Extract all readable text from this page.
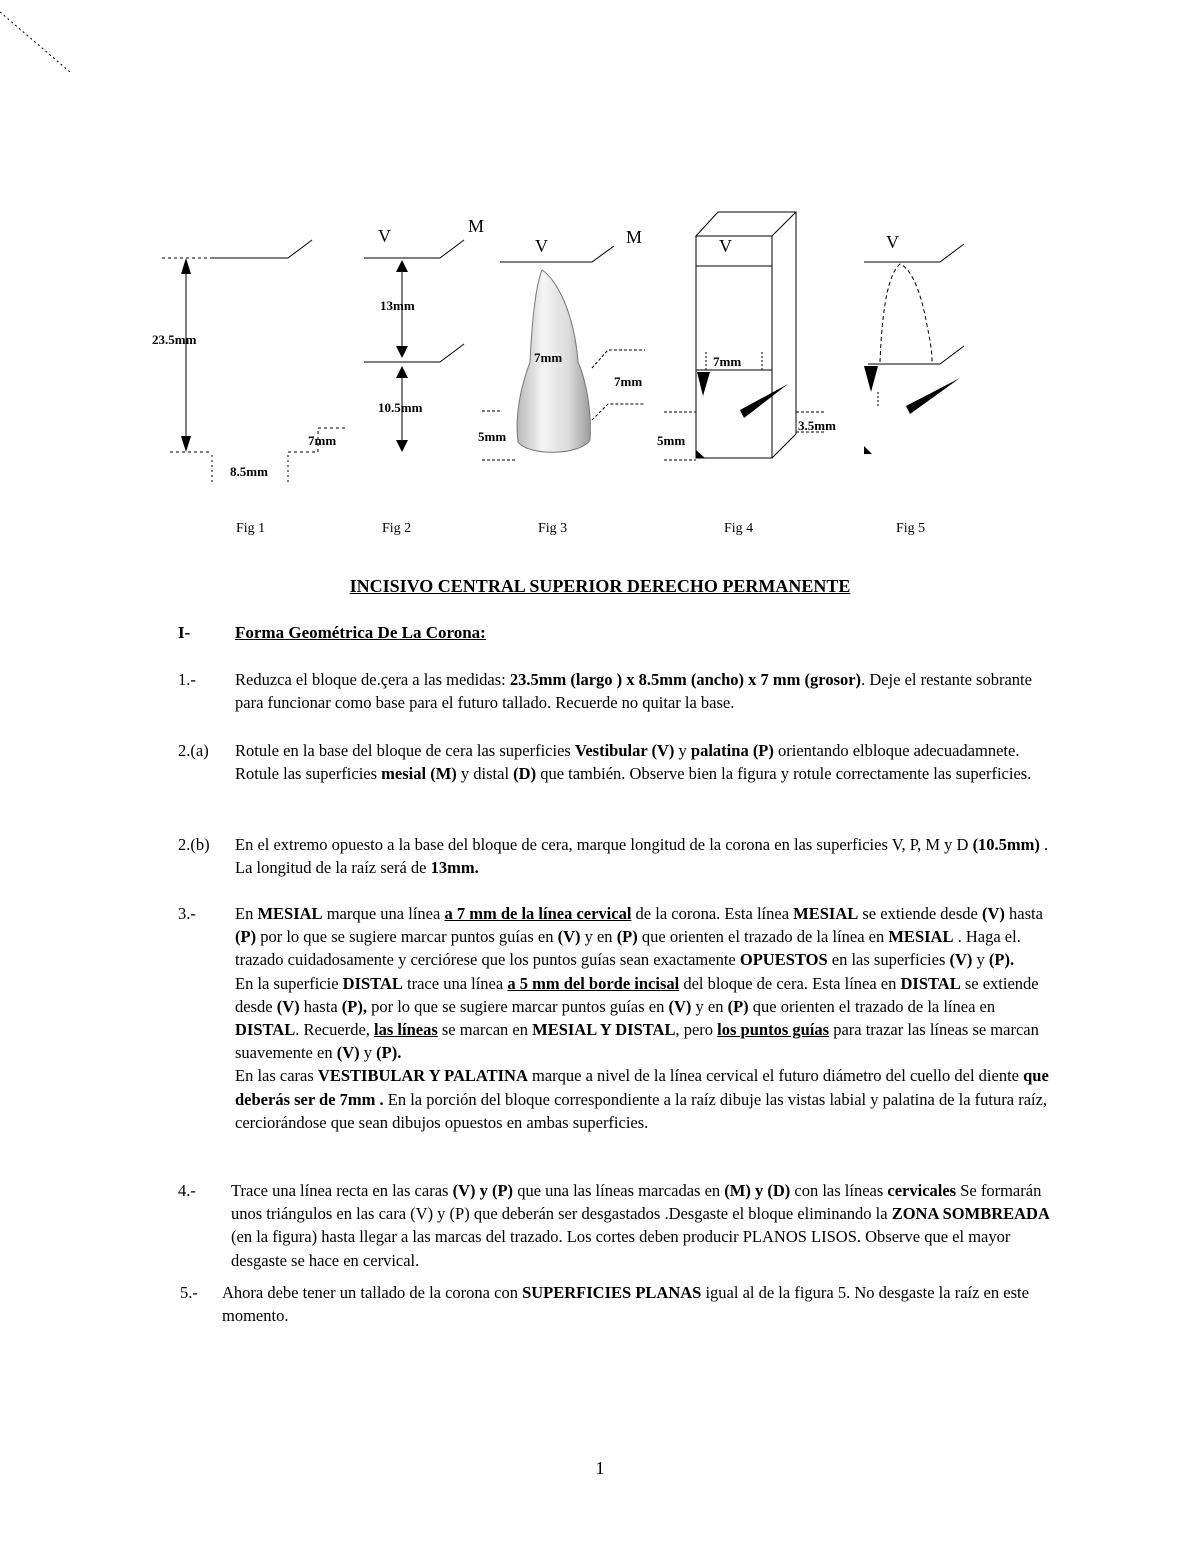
23.5mm
7mm
8.5mm
Fig 1
V	M
13mm
10.5mm
Fig 2
V	M
7mm
7mm
5mm
Fig 3
V
7mm
5mm
3.5mm
Fig 4
V
Fig 5
INCISIVO CENTRAL SUPERIOR DERECHO PERMANENTE
I-	Forma Geométrica De La Corona:
1.- Reduzca el bloque de.çera a las medidas: 23.5mm (largo ) x 8.5mm (ancho) x 7 mm (grosor). Deje el restante sobrante para funcionar como base para el futuro tallado. Recuerde no quitar la base.
2.(a) Rotule en la base del bloque de cera las superficies Vestibular (V) y palatina (P) orientando elbloque adecuadamnete. Rotule las superficies mesial (M) y distal (D) que también. Observe bien la figura y rotule correctamente las superficies.
2.(b) En el extremo opuesto a la base del bloque de cera, marque longitud de la corona en las superficies V, P, M y D (10.5mm) . La longitud de la raíz será de 13mm.
3.- En MESIAL marque una línea a 7 mm de la línea cervical de la corona. Esta línea MESIAL se extiende desde (V) hasta (P) por lo que se sugiere marcar puntos guías en (V) y en (P) que orienten el trazado de la línea en MESIAL . Haga el. trazado cuidadosamente y cerciórese que los puntos guías sean exactamente OPUESTOS en las superficies (V) y (P).
En la superficie DISTAL trace una línea a 5 mm del borde incisal del bloque de cera. Esta línea en DISTAL se extiende desde (V) hasta (P), por lo que se sugiere marcar puntos guías en (V) y en (P) que orienten el trazado de la línea en DISTAL. Recuerde, las líneas se marcan en MESIAL Y DISTAL, pero los puntos guías para trazar las líneas se marcan suavemente en (V) y (P).
En las caras VESTIBULAR Y PALATINA marque a nivel de la línea cervical el futuro diámetro del cuello del diente que deberás ser de 7mm . En la porción del bloque correspondiente a la raíz dibuje las vistas labial y palatina de la futura raíz, cerciorándose que sean dibujos opuestos en ambas superficies.
4.- Trace una línea recta en las caras (V) y (P) que una las líneas marcadas en (M) y (D) con las líneas cervicales Se formarán unos triángulos en las cara (V) y (P) que deberán ser desgastados .Desgaste el bloque eliminando la ZONA SOMBREADA (en la figura) hasta llegar a las marcas del trazado. Los cortes deben producir PLANOS LISOS. Observe que el mayor desgaste se hace en cervical.
5.- Ahora debe tener un tallado de la corona con SUPERFICIES PLANAS igual al de la figura 5. No desgaste la raíz en este momento.
1
